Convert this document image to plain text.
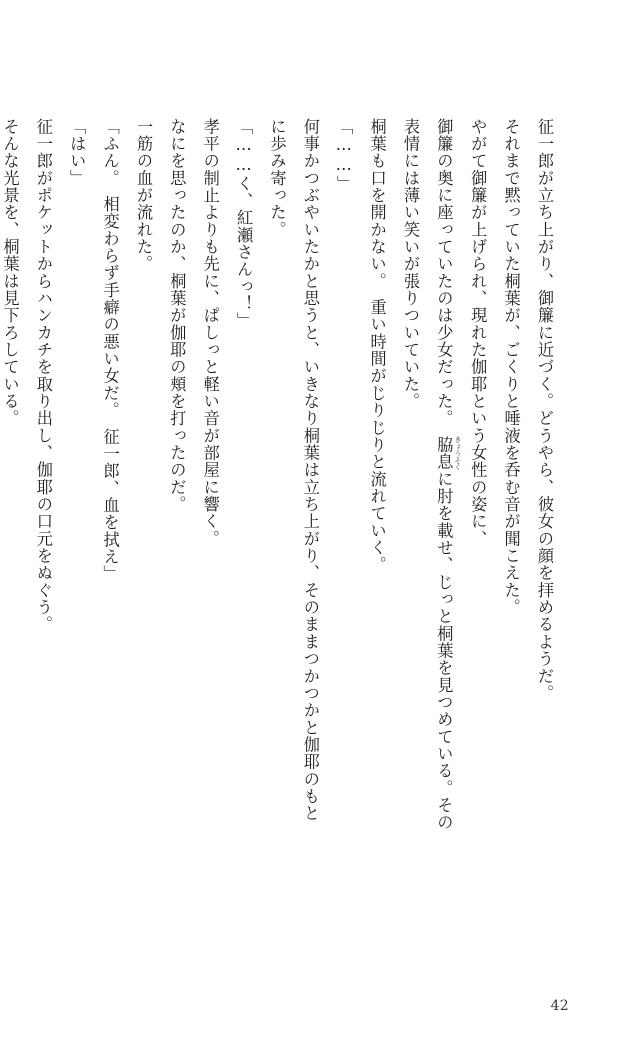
征一郎が立ち上がり、御簾に近づく。どうやら、彼女の顔を拝めるようだ。

それまで黙っていた桐葉が、ごくりと唾液を呑む音が聞こえた。

やがて御簾が上げられ、現れた伽耶という女性の姿に、

御簾の奥に座っていたのは少女だった。　脇息 きょうそくに肘を載せ、じっと桐葉を見つめている。その

表情には薄い笑いが張りついていた。

桐葉も口を開かない。　重い時間がじりじりと流れていく。

「……」

何事かつぶやいたかと思うと、いきなり桐葉は立ち上がり、そのままつかつかと伽耶のもと

に歩み寄った。

「……く、紅瀬さんっ！」

孝平の制止よりも先に、ぱしっと軽い音が部屋に響く。

なにを思ったのか、桐葉が伽耶の頬を打ったのだ。

一筋の血が流れた。

「ふん。　相変わらず手癖の悪い女だ。　征一郎、血を拭え」

「はい」

征一郎がポケットからハンカチを取り出し、伽耶の口元をぬぐう。

そんな光景を、桐葉は見下ろしている。

42
